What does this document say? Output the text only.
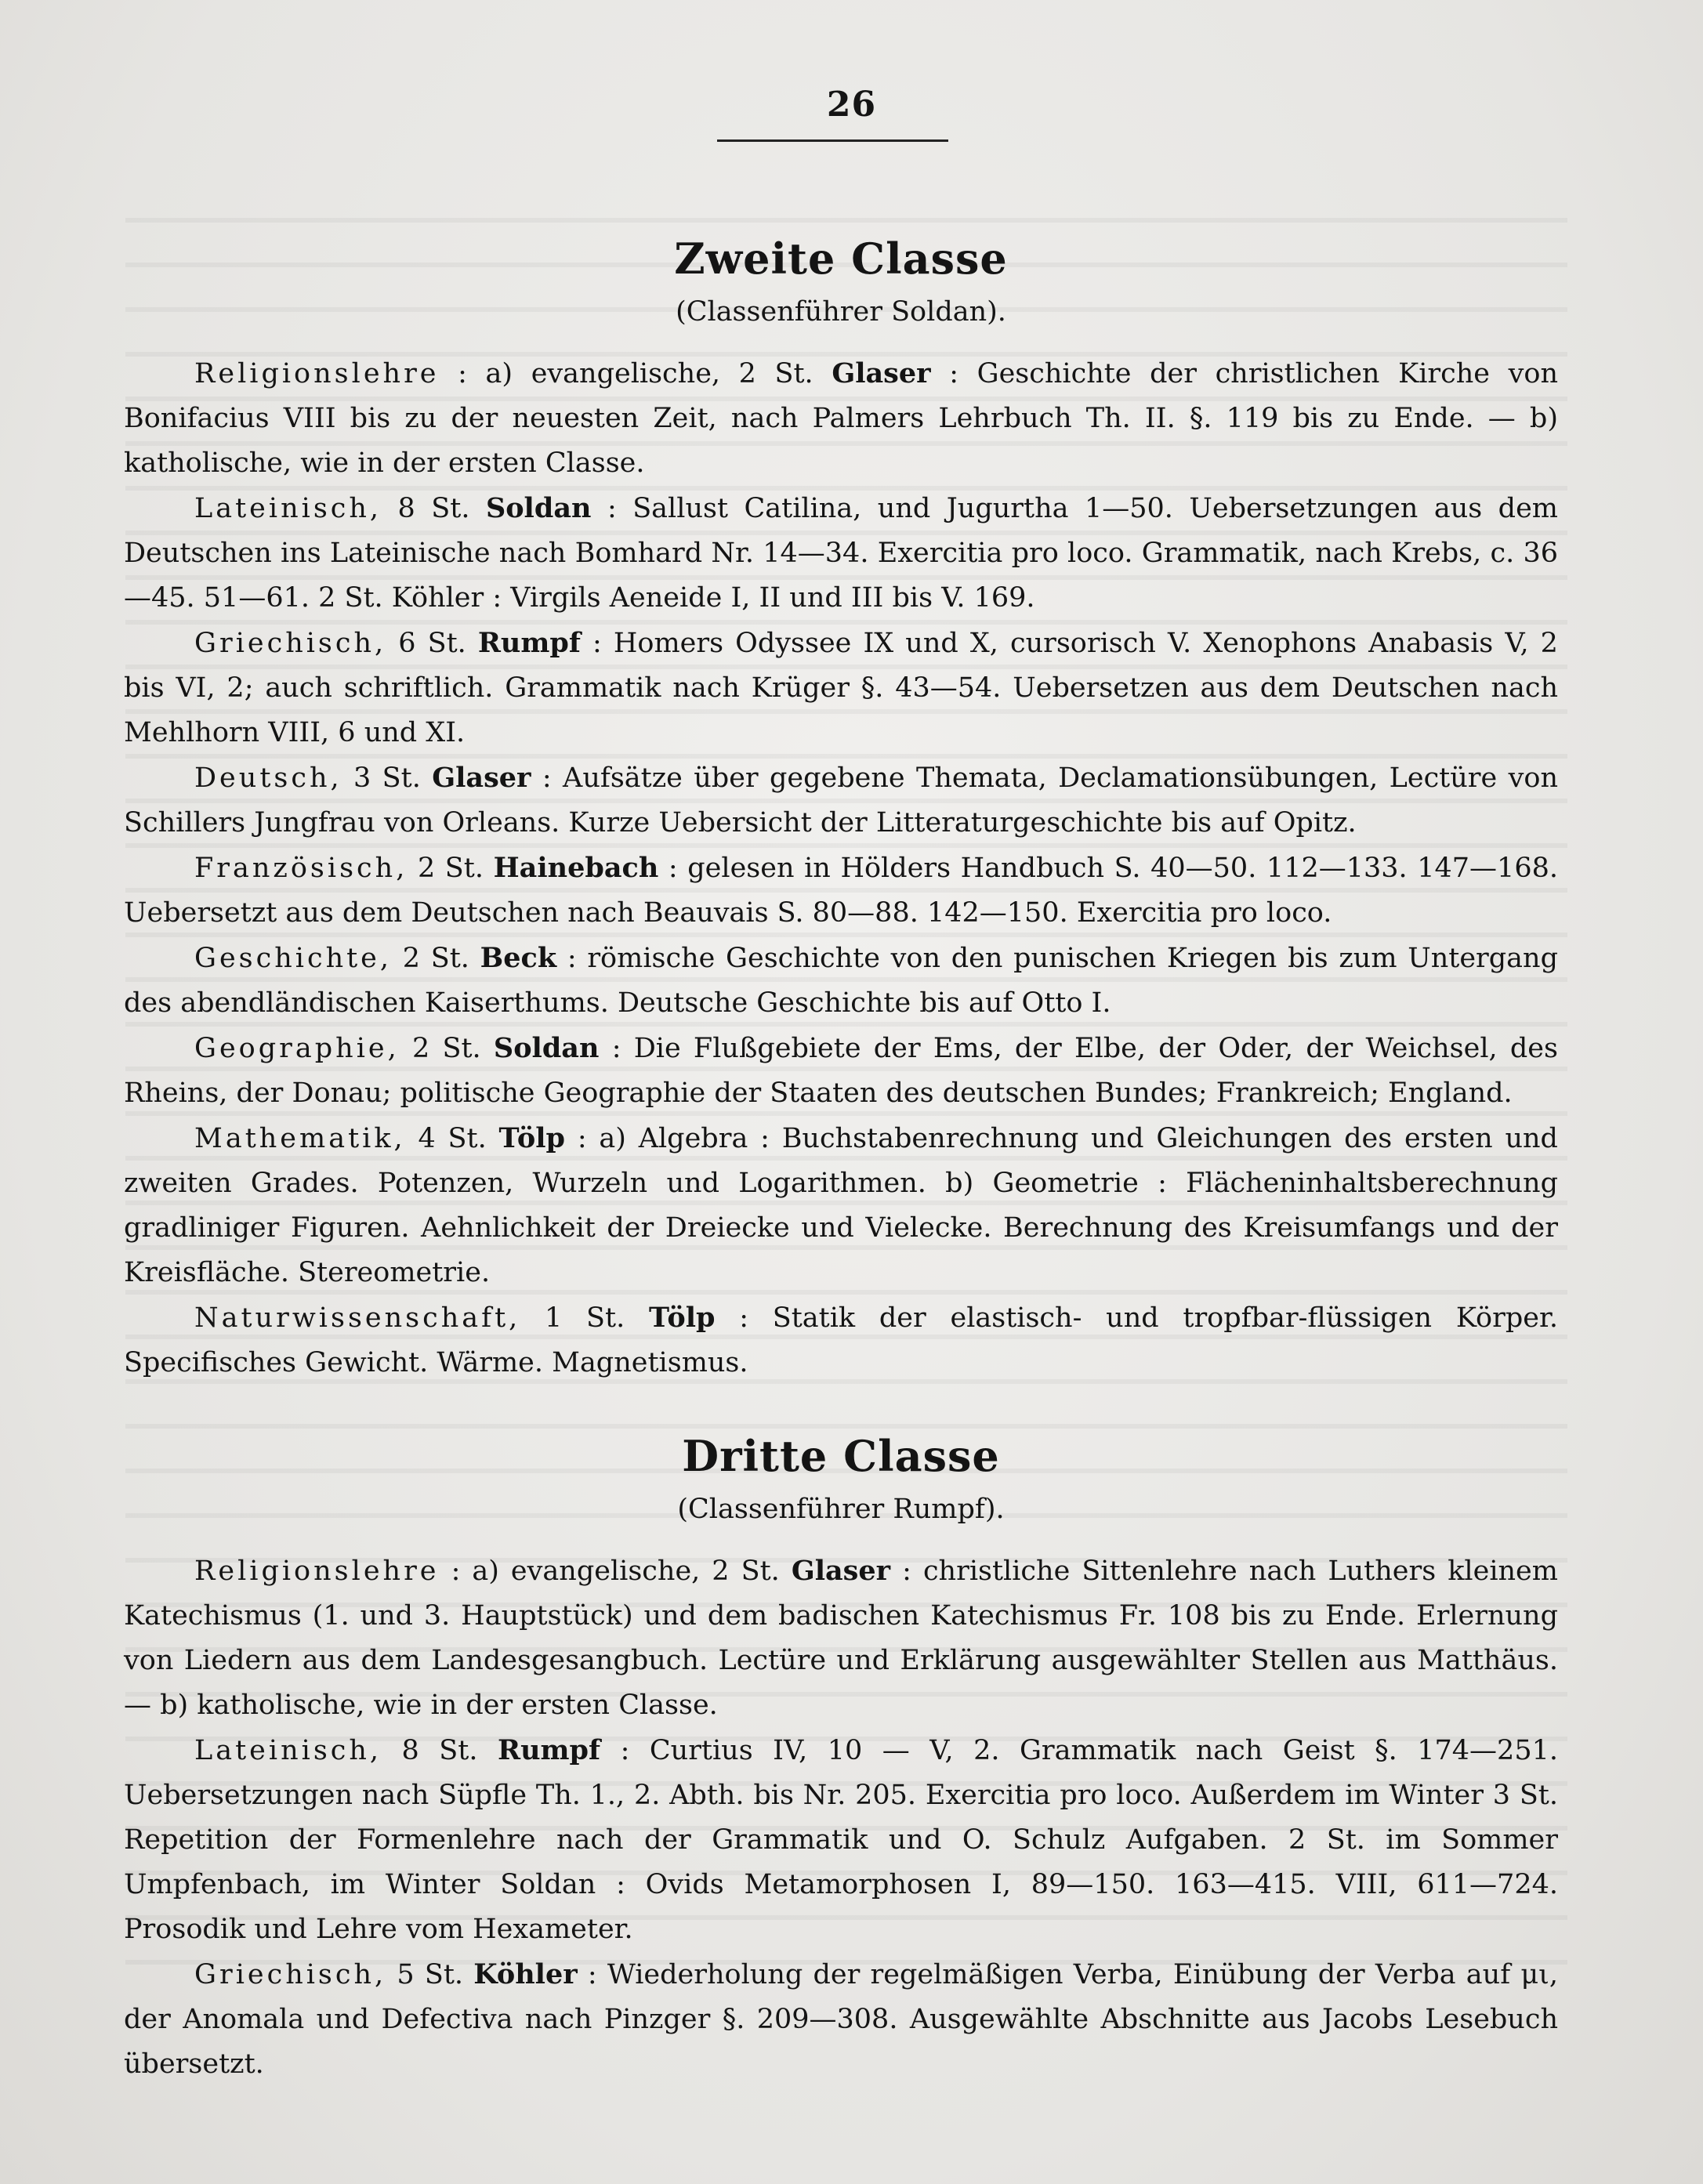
26
Zweite Classe
(Classenführer Soldan).

Religionslehre : a) evangelische, 2 St. Glaser : Geschichte der christlichen Kirche von Bonifacius VIII bis zu der neuesten Zeit, nach Palmers Lehrbuch Th. II. §. 119 bis zu Ende. — b) katholische, wie in der ersten Classe.

Lateinisch, 8 St. Soldan : Sallust Catilina, und Jugurtha 1—50. Uebersetzungen aus dem Deutschen ins Lateinische nach Bomhard Nr. 14—34. Exercitia pro loco. Grammatik, nach Krebs, c. 36—45. 51—61. 2 St. Köhler : Virgils Aeneide I, II und III bis V. 169.

Griechisch, 6 St. Rumpf : Homers Odyssee IX und X, cursorisch V. Xenophons Anabasis V, 2 bis VI, 2; auch schriftlich. Grammatik nach Krüger §. 43—54. Uebersetzen aus dem Deutschen nach Mehlhorn VIII, 6 und XI.

Deutsch, 3 St. Glaser : Aufsätze über gegebene Themata, Declamationsübungen, Lectüre von Schillers Jungfrau von Orleans. Kurze Uebersicht der Litteraturgeschichte bis auf Opitz.

Französisch, 2 St. Hainebach : gelesen in Hölders Handbuch S. 40—50. 112—133. 147—168. Uebersetzt aus dem Deutschen nach Beauvais S. 80—88. 142—150. Exercitia pro loco.

Geschichte, 2 St. Beck : römische Geschichte von den punischen Kriegen bis zum Untergang des abendländischen Kaiserthums. Deutsche Geschichte bis auf Otto I.

Geographie, 2 St. Soldan : Die Flußgebiete der Ems, der Elbe, der Oder, der Weichsel, des Rheins, der Donau; politische Geographie der Staaten des deutschen Bundes; Frankreich; England.

Mathematik, 4 St. Tölp : a) Algebra : Buchstabenrechnung und Gleichungen des ersten und zweiten Grades. Potenzen, Wurzeln und Logarithmen. b) Geometrie : Flächeninhaltsberechnung gradliniger Figuren. Aehnlichkeit der Dreiecke und Vielecke. Berechnung des Kreisumfangs und der Kreisfläche. Stereometrie.

Naturwissenschaft, 1 St. Tölp : Statik der elastisch- und tropfbar-flüssigen Körper. Specifisches Gewicht. Wärme. Magnetismus.

Dritte Classe
(Classenführer Rumpf).

Religionslehre : a) evangelische, 2 St. Glaser : christliche Sittenlehre nach Luthers kleinem Katechismus (1. und 3. Hauptstück) und dem badischen Katechismus Fr. 108 bis zu Ende. Erlernung von Liedern aus dem Landesgesangbuch. Lectüre und Erklärung ausgewählter Stellen aus Matthäus. — b) katholische, wie in der ersten Classe.

Lateinisch, 8 St. Rumpf : Curtius IV, 10 — V, 2. Grammatik nach Geist §. 174—251. Uebersetzungen nach Süpfle Th. 1., 2. Abth. bis Nr. 205. Exercitia pro loco. Außerdem im Winter 3 St. Repetition der Formenlehre nach der Grammatik und O. Schulz Aufgaben. 2 St. im Sommer Umpfenbach, im Winter Soldan : Ovids Metamorphosen I, 89—150. 163—415. VIII, 611—724. Prosodik und Lehre vom Hexameter.

Griechisch, 5 St. Köhler : Wiederholung der regelmäßigen Verba, Einübung der Verba auf μι, der Anomala und Defectiva nach Pinzger §. 209—308. Ausgewählte Abschnitte aus Jacobs Lesebuch übersetzt.
